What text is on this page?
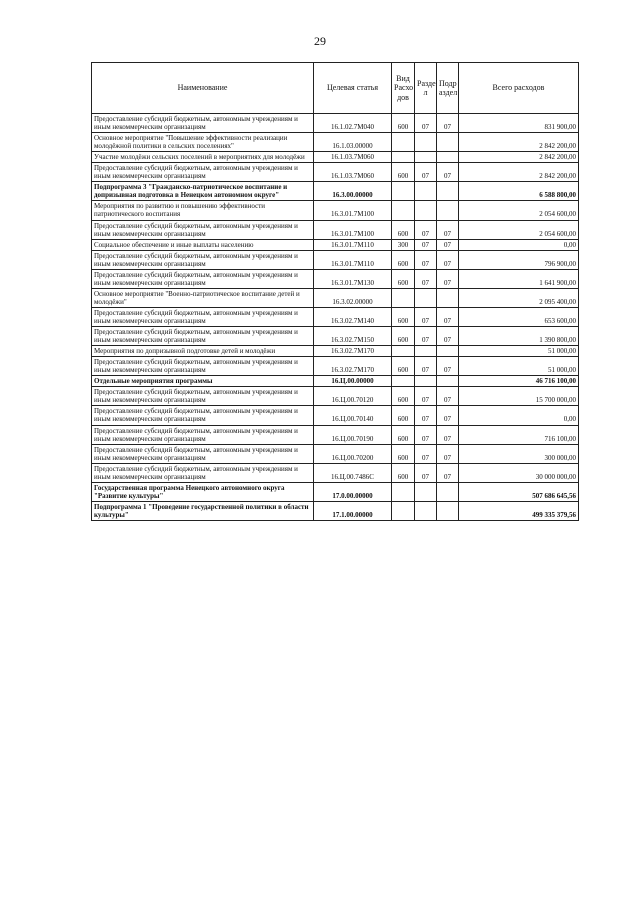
29
Наименование	Целевая статья	Вид Расхо дов	Разде л	Подр аздел	Всего расходов
Предоставление субсидий бюджетным, автономным учреждениям и иным некоммерческим организациям	16.1.02.7M040	600	07	07	831 900,00
Основное мероприятие "Повышение эффективности реализации молодёжной политики в сельских поселениях"	16.1.03.00000				2 842 200,00
Участие молодёжи сельских поселений в мероприятиях для молодёжи	16.1.03.7M060				2 842 200,00
Предоставление субсидий бюджетным, автономным учреждениям и иным некоммерческим организациям	16.1.03.7M060	600	07	07	2 842 200,00
Подпрограмма 3 "Гражданско-патриотическое воспитание и допризывная подготовка в Ненецком автономном округе"	16.3.00.00000				6 588 800,00
Мероприятия по развитию и повышению эффективности патриотического воспитания	16.3.01.7M100				2 054 600,00
Предоставление субсидий бюджетным, автономным учреждениям и иным некоммерческим организациям	16.3.01.7M100	600	07	07	2 054 600,00
Социальное обеспечение и иные выплаты населению	16.3.01.7M110	300	07	07	0,00
Предоставление субсидий бюджетным, автономным учреждениям и иным некоммерческим организациям	16.3.01.7M110	600	07	07	796 900,00
Предоставление субсидий бюджетным, автономным учреждениям и иным некоммерческим организациям	16.3.01.7M130	600	07	07	1 641 900,00
Основное мероприятие "Военно-патриотическое воспитание детей и молодёжи"	16.3.02.00000				2 095 400,00
Предоставление субсидий бюджетным, автономным учреждениям и иным некоммерческим организациям	16.3.02.7M140	600	07	07	653 600,00
Предоставление субсидий бюджетным, автономным учреждениям и иным некоммерческим организациям	16.3.02.7M150	600	07	07	1 390 800,00
Мероприятия по допризывной подготовке детей и молодёжи	16.3.02.7M170				51 000,00
Предоставление субсидий бюджетным, автономным учреждениям и иным некоммерческим организациям	16.3.02.7M170	600	07	07	51 000,00
Отдельные мероприятия программы	16.Ц.00.00000				46 716 100,00
Предоставление субсидий бюджетным, автономным учреждениям и иным некоммерческим организациям	16.Ц.00.70120	600	07	07	15 700 000,00
Предоставление субсидий бюджетным, автономным учреждениям и иным некоммерческим организациям	16.Ц.00.70140	600	07	07	0,00
Предоставление субсидий бюджетным, автономным учреждениям и иным некоммерческим организациям	16.Ц.00.70190	600	07	07	716 100,00
Предоставление субсидий бюджетным, автономным учреждениям и иным некоммерческим организациям	16.Ц.00.70200	600	07	07	300 000,00
Предоставление субсидий бюджетным, автономным учреждениям и иным некоммерческим организациям	16.Ц.00.7486С	600	07	07	30 000 000,00
Государственная программа Ненецкого автономного округа "Развитие культуры"	17.0.00.00000				507 686 645,56
Подпрограмма 1 "Проведение государственной политики в области культуры"	17.1.00.00000				499 335 379,56
